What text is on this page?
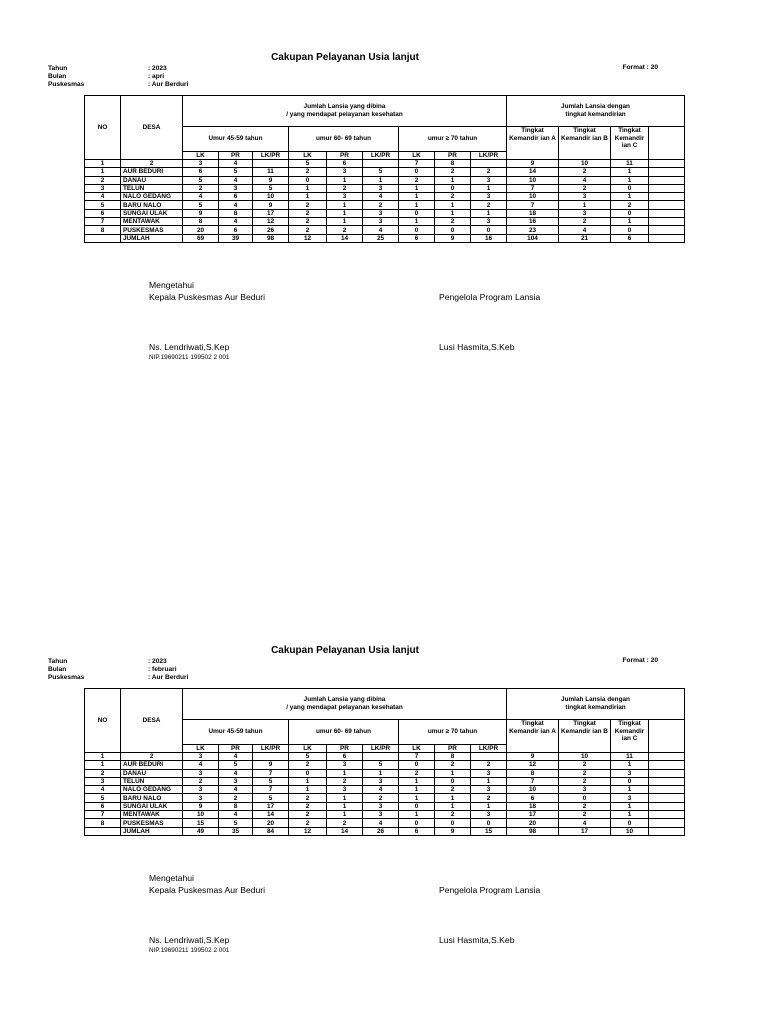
Cakupan Pelayanan Usia lanjut
Format : 20
Tahun	: 2023
Bulan	: apri
Puskesmas	: Aur Berduri
NO	DESA	Jumlah Lansia yang dibina
/ yang mendapat pelayanan kesehatan									Jumlah Lansia dengan
tingkat kemandirian			
		Umur 45-59 tahun			umur 60- 69 tahun			umur ≥ 70 tahun			Tingkat Kemandir ian A	Tingkat Kemandir ian B	Tingkat Kemandir ian C	
		LK	PR	LK/PR	LK	PR	LK/PR	LK	PR	LK/PR				
1	2	3	4		5	6		7	8		9	10	11	
1	AUR BEDURI	6	5	11	2	3	5	0	2	2	14	2	1	
2	DANAU	5	4	9	0	1	1	2	1	3	10	4	1	
3	TELUN	2	3	5	1	2	3	1	0	1	7	2	0	
4	NALO GEDANG	4	6	10	1	3	4	1	2	3	10	3	1	
5	BARU NALO	5	4	9	2	1	2	1	1	2	7	1	2	
6	SUNGAI ULAK	9	8	17	2	1	3	0	1	1	18	3	0	
7	MENTAWAK	8	4	12	2	1	3	1	2	3	16	2	1	
8	PUSKESMAS	20	6	26	2	2	4	0	0	0	23	4	0	
	JUMLAH	69	39	98	12	14	25	6	9	16	104	21	6	
Mengetahui
Kepala Puskesmas Aur Beduri	Pengelola Program Lansia
Ns. Lendriwati,S.Kep
NIP.19690211 199502 2 001
Lusi Hasmita,S.Keb
Cakupan Pelayanan Usia lanjut
Format : 20
Tahun	: 2023
Bulan	: februari
Puskesmas	: Aur Berduri
NO	DESA	Jumlah Lansia yang dibina
/ yang mendapat pelayanan kesehatan									Jumlah Lansia dengan
tingkat kemandirian			
		Umur 45-59 tahun			umur 60- 69 tahun			umur ≥ 70 tahun			Tingkat Kemandir ian A	Tingkat Kemandir ian B	Tingkat Kemandir ian C	
		LK	PR	LK/PR	LK	PR	LK/PR	LK	PR	LK/PR				
1	2	3	4		5	6		7	8		9	10	11	
1	AUR BEDURI	4	5	9	2	3	5	0	2	2	12	2	1	
2	DANAU	3	4	7	0	1	1	2	1	3	8	2	3	
3	TELUN	2	3	5	1	2	3	1	0	1	7	2	0	
4	NALO GEDANG	3	4	7	1	3	4	1	2	3	10	3	1	
5	BARU NALO	3	2	5	2	1	2	1	1	2	6	0	3	
6	SUNGAI ULAK	9	8	17	2	1	3	0	1	1	18	2	1	
7	MENTAWAK	10	4	14	2	1	3	1	2	3	17	2	1	
8	PUSKESMAS	15	5	20	2	2	4	0	0	0	20	4	0	
	JUMLAH	49	35	84	12	14	26	6	9	15	98	17	10	
Mengetahui
Kepala Puskesmas Aur Beduri	Pengelola Program Lansia
Ns. Lendriwati,S.Kep
NIP.19690211 199502 2 001
Lusi Hasmita,S.Keb
